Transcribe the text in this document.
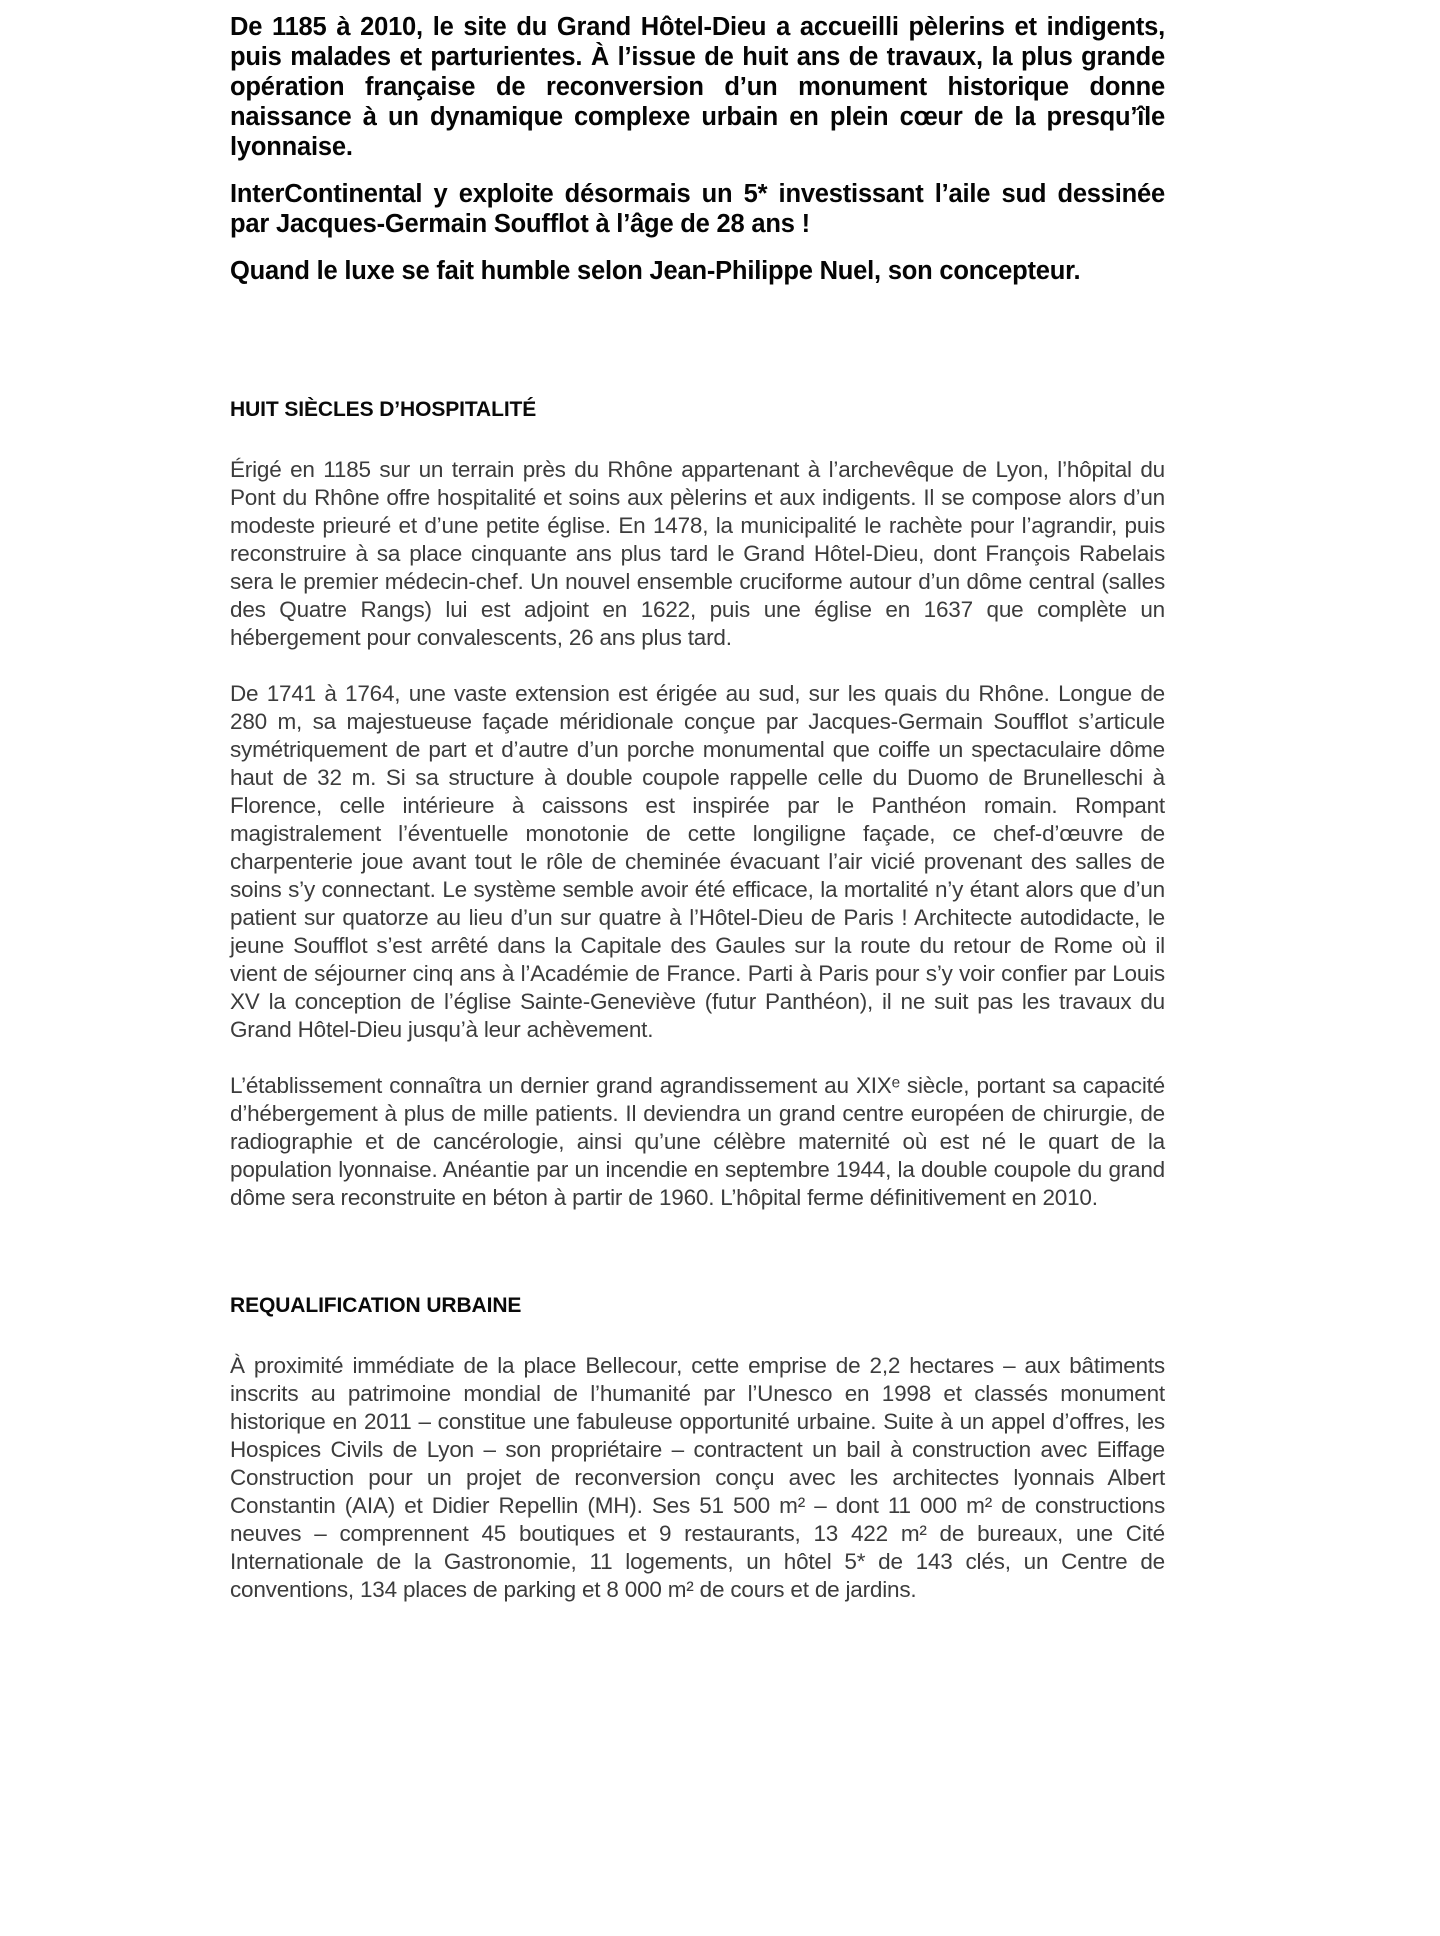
De 1185 à 2010, le site du Grand Hôtel-Dieu a accueilli pèlerins et indigents, puis malades et parturientes. À l’issue de huit ans de travaux, la plus grande opération française de reconversion d’un monument historique donne naissance à un dynamique complexe urbain en plein cœur de la presqu’île lyonnaise.

InterContinental y exploite désormais un 5* investissant l’aile sud dessinée par Jacques-Germain Soufflot à l’âge de 28 ans !

Quand le luxe se fait humble selon Jean-Philippe Nuel, son concepteur.

HUIT SIÈCLES D’HOSPITALITÉ

Érigé en 1185 sur un terrain près du Rhône appartenant à l’archevêque de Lyon, l’hôpital du Pont du Rhône offre hospitalité et soins aux pèlerins et aux indigents. Il se compose alors d’un modeste prieuré et d’une petite église. En 1478, la municipalité le rachète pour l’agrandir, puis reconstruire à sa place cinquante ans plus tard le Grand Hôtel-Dieu, dont François Rabelais sera le premier médecin-chef. Un nouvel ensemble cruciforme autour d’un dôme central (salles des Quatre Rangs) lui est adjoint en 1622, puis une église en 1637 que complète un hébergement pour convalescents, 26 ans plus tard.

De 1741 à 1764, une vaste extension est érigée au sud, sur les quais du Rhône. Longue de 280 m, sa majestueuse façade méridionale conçue par Jacques-Germain Soufflot s’articule symétriquement de part et d’autre d’un porche monumental que coiffe un spectaculaire dôme haut de 32 m. Si sa structure à double coupole rappelle celle du Duomo de Brunelleschi à Florence, celle intérieure à caissons est inspirée par le Panthéon romain. Rompant magistralement l’éventuelle monotonie de cette longiligne façade, ce chef-d’œuvre de charpenterie joue avant tout le rôle de cheminée évacuant l’air vicié provenant des salles de soins s’y connectant. Le système semble avoir été efficace, la mortalité n’y étant alors que d’un patient sur quatorze au lieu d’un sur quatre à l’Hôtel-Dieu de Paris ! Architecte autodidacte, le jeune Soufflot s’est arrêté dans la Capitale des Gaules sur la route du retour de Rome où il vient de séjourner cinq ans à l’Académie de France. Parti à Paris pour s’y voir confier par Louis XV la conception de l’église Sainte-Geneviève (futur Panthéon), il ne suit pas les travaux du Grand Hôtel-Dieu jusqu’à leur achèvement.

L’établissement connaîtra un dernier grand agrandissement au XIXᵉ siècle, portant sa capacité d’hébergement à plus de mille patients. Il deviendra un grand centre européen de chirurgie, de radiographie et de cancérologie, ainsi qu’une célèbre maternité où est né le quart de la population lyonnaise. Anéantie par un incendie en septembre 1944, la double coupole du grand dôme sera reconstruite en béton à partir de 1960. L’hôpital ferme définitivement en 2010.

REQUALIFICATION URBAINE

À proximité immédiate de la place Bellecour, cette emprise de 2,2 hectares – aux bâtiments inscrits au patrimoine mondial de l’humanité par l’Unesco en 1998 et classés monument historique en 2011 – constitue une fabuleuse opportunité urbaine. Suite à un appel d’offres, les Hospices Civils de Lyon – son propriétaire – contractent un bail à construction avec Eiffage Construction pour un projet de reconversion conçu avec les architectes lyonnais Albert Constantin (AIA) et Didier Repellin (MH). Ses 51 500 m² – dont 11 000 m² de constructions neuves – comprennent 45 boutiques et 9 restaurants, 13 422 m² de bureaux, une Cité Internationale de la Gastronomie, 11 logements, un hôtel 5* de 143 clés, un Centre de conventions, 134 places de parking et 8 000 m² de cours et de jardins.
